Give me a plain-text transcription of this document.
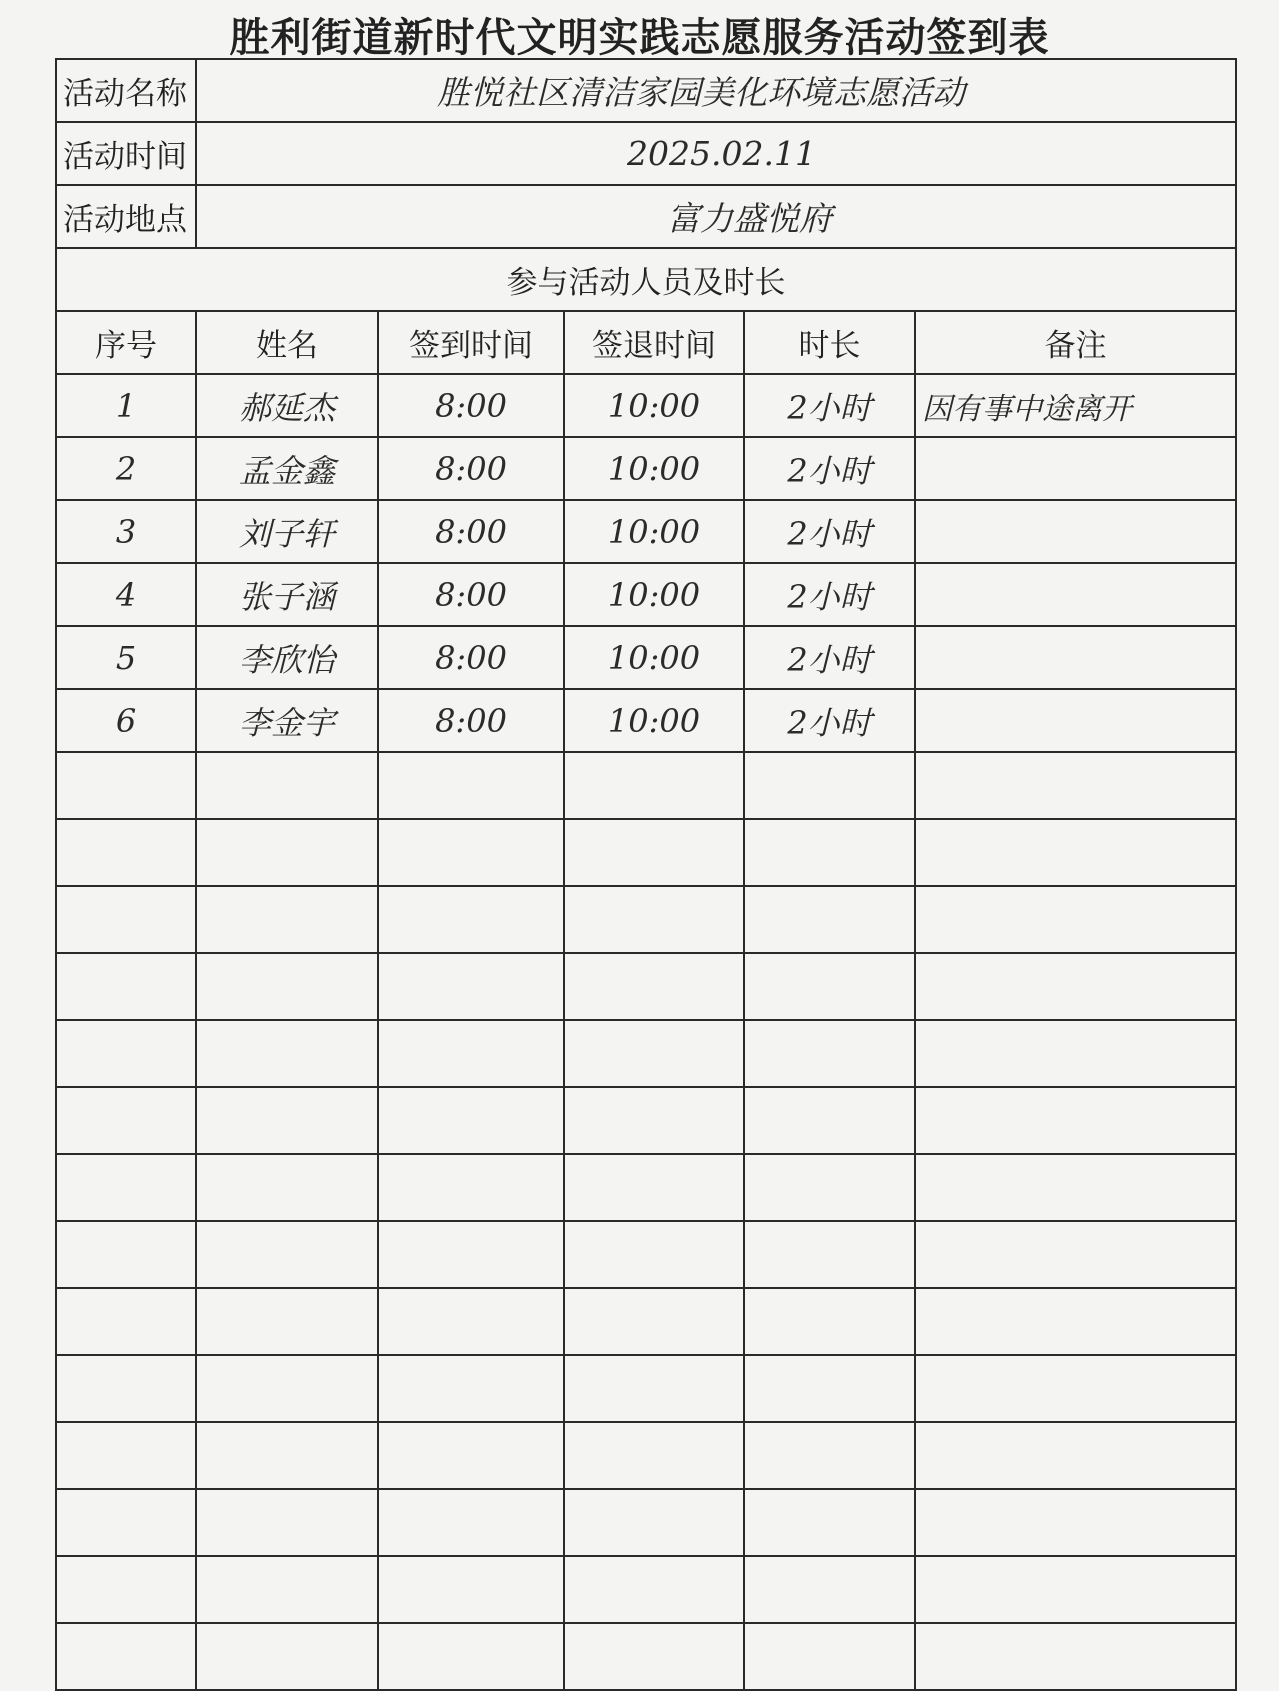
胜利街道新时代文明实践志愿服务活动签到表
活动名称	胜悦社区清洁家园美化环境志愿活动				
活动时间	2025.02.11				
活动地点	富力盛悦府				
参与活动人员及时长					
序号	姓名	签到时间	签退时间	时长	备注
1	郝延杰	8:00	10:00	2小时	因有事中途离开
2	孟金鑫	8:00	10:00	2小时	
3	刘子轩	8:00	10:00	2小时	
4	张子涵	8:00	10:00	2小时	
5	李欣怡	8:00	10:00	2小时	
6	李金宇	8:00	10:00	2小时	
